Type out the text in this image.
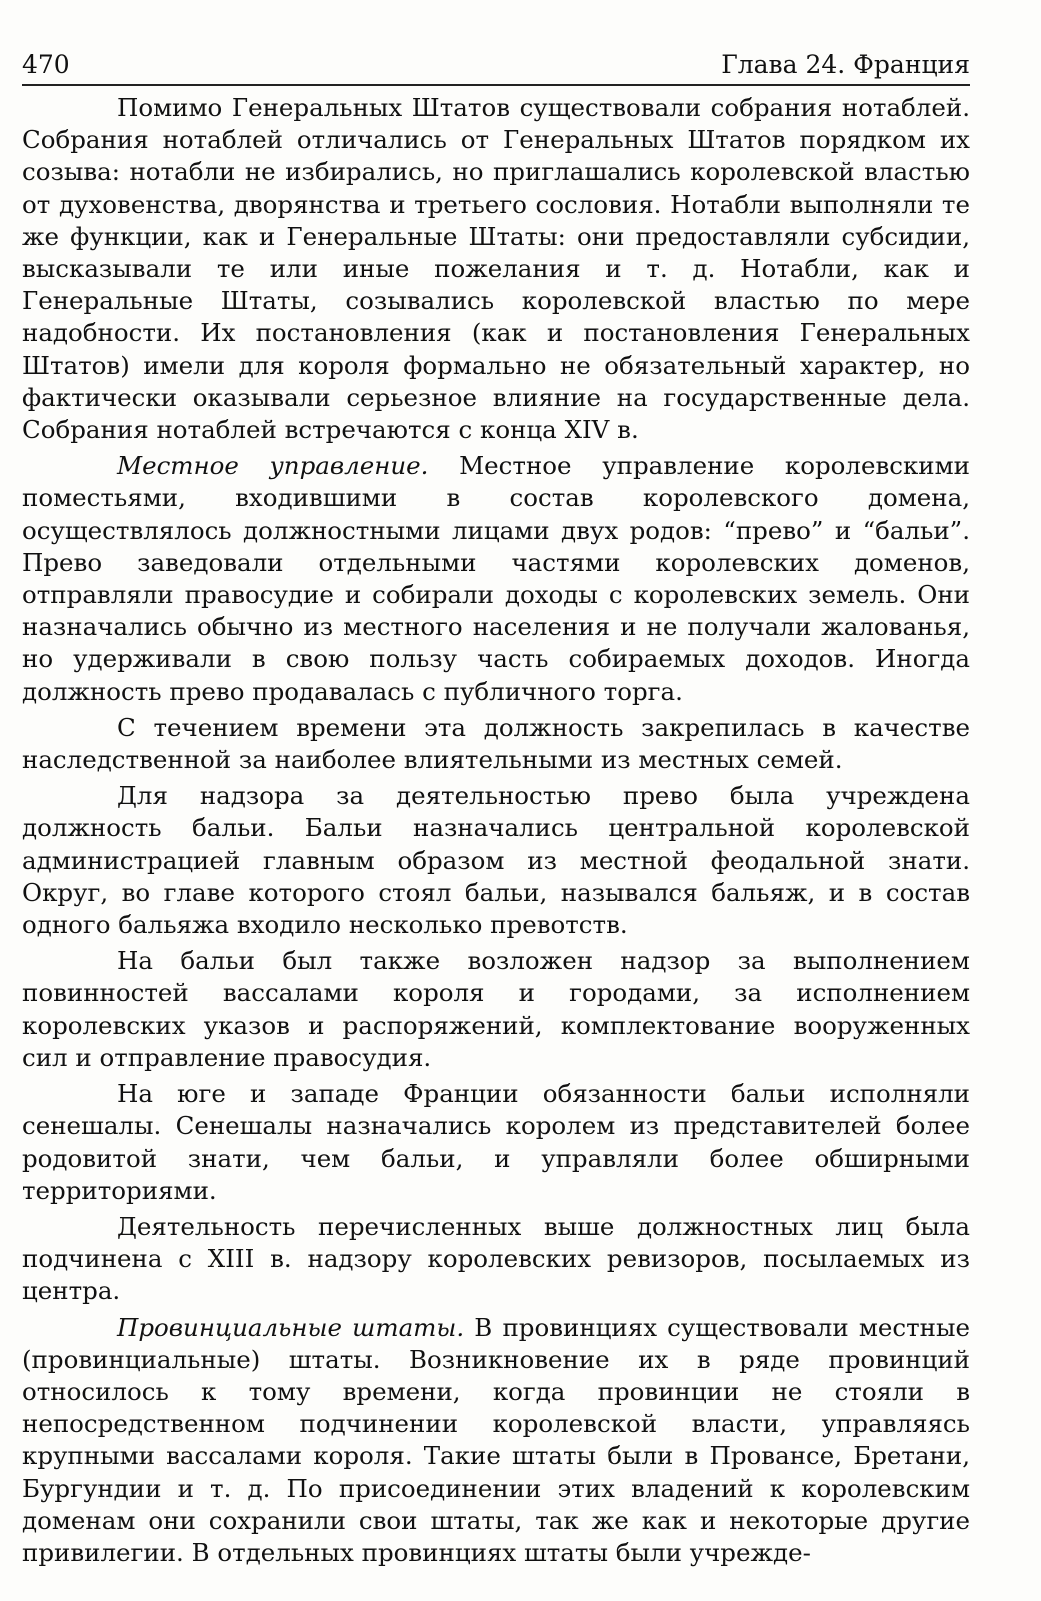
470	Глава 24. Франция

Помимо Генеральных Штатов существовали собрания нотаблей. Собрания нотаблей отличались от Генеральных Штатов порядком их созыва: нотабли не избирались, но приглашались королевской властью от духовенства, дворянства и третьего сословия. Нотабли выполняли те же функции, как и Генеральные Штаты: они предоставляли субсидии, высказывали те или иные пожелания и т. д. Нотабли, как и Генеральные Штаты, созывались королевской властью по мере надобности. Их постановления (как и постановления Генеральных Штатов) имели для короля формально не обязательный характер, но фактически оказывали серьезное влияние на государственные дела. Собрания нотаблей встречаются с конца XIV в.

Местное управление. Местное управление королевскими поместьями, входившими в состав королевского домена, осуществлялось должностными лицами двух родов: “прево” и “бальи”. Прево заведовали отдельными частями королевских доменов, отправляли правосудие и собирали доходы с королевских земель. Они назначались обычно из местного населения и не получали жалованья, но удерживали в свою пользу часть собираемых доходов. Иногда должность прево продавалась с публичного торга.

С течением времени эта должность закрепилась в качестве наследственной за наиболее влиятельными из местных семей.

Для надзора за деятельностью прево была учреждена должность бальи. Бальи назначались центральной королевской администрацией главным образом из местной феодальной знати. Округ, во главе которого стоял бальи, назывался бальяж, и в состав одного бальяжа входило несколько превотств.

На бальи был также возложен надзор за выполнением повинностей вассалами короля и городами, за исполнением королевских указов и распоряжений, комплектование вооруженных сил и отправление правосудия.

На юге и западе Франции обязанности бальи исполняли сенешалы. Сенешалы назначались королем из представителей более родовитой знати, чем бальи, и управляли более обширными территориями.

Деятельность перечисленных выше должностных лиц была подчинена с XIII в. надзору королевских ревизоров, посылаемых из центра.

Провинциальные штаты. В провинциях существовали местные (провинциальные) штаты. Возникновение их в ряде провинций относилось к тому времени, когда провинции не стояли в непосредственном подчинении королевской власти, управляясь крупными вассалами короля. Такие штаты были в Провансе, Бретани, Бургундии и т. д. По присоединении этих владений к королевским доменам они сохранили свои штаты, так же как и некоторые другие привилегии. В отдельных провинциях штаты были учрежде-
